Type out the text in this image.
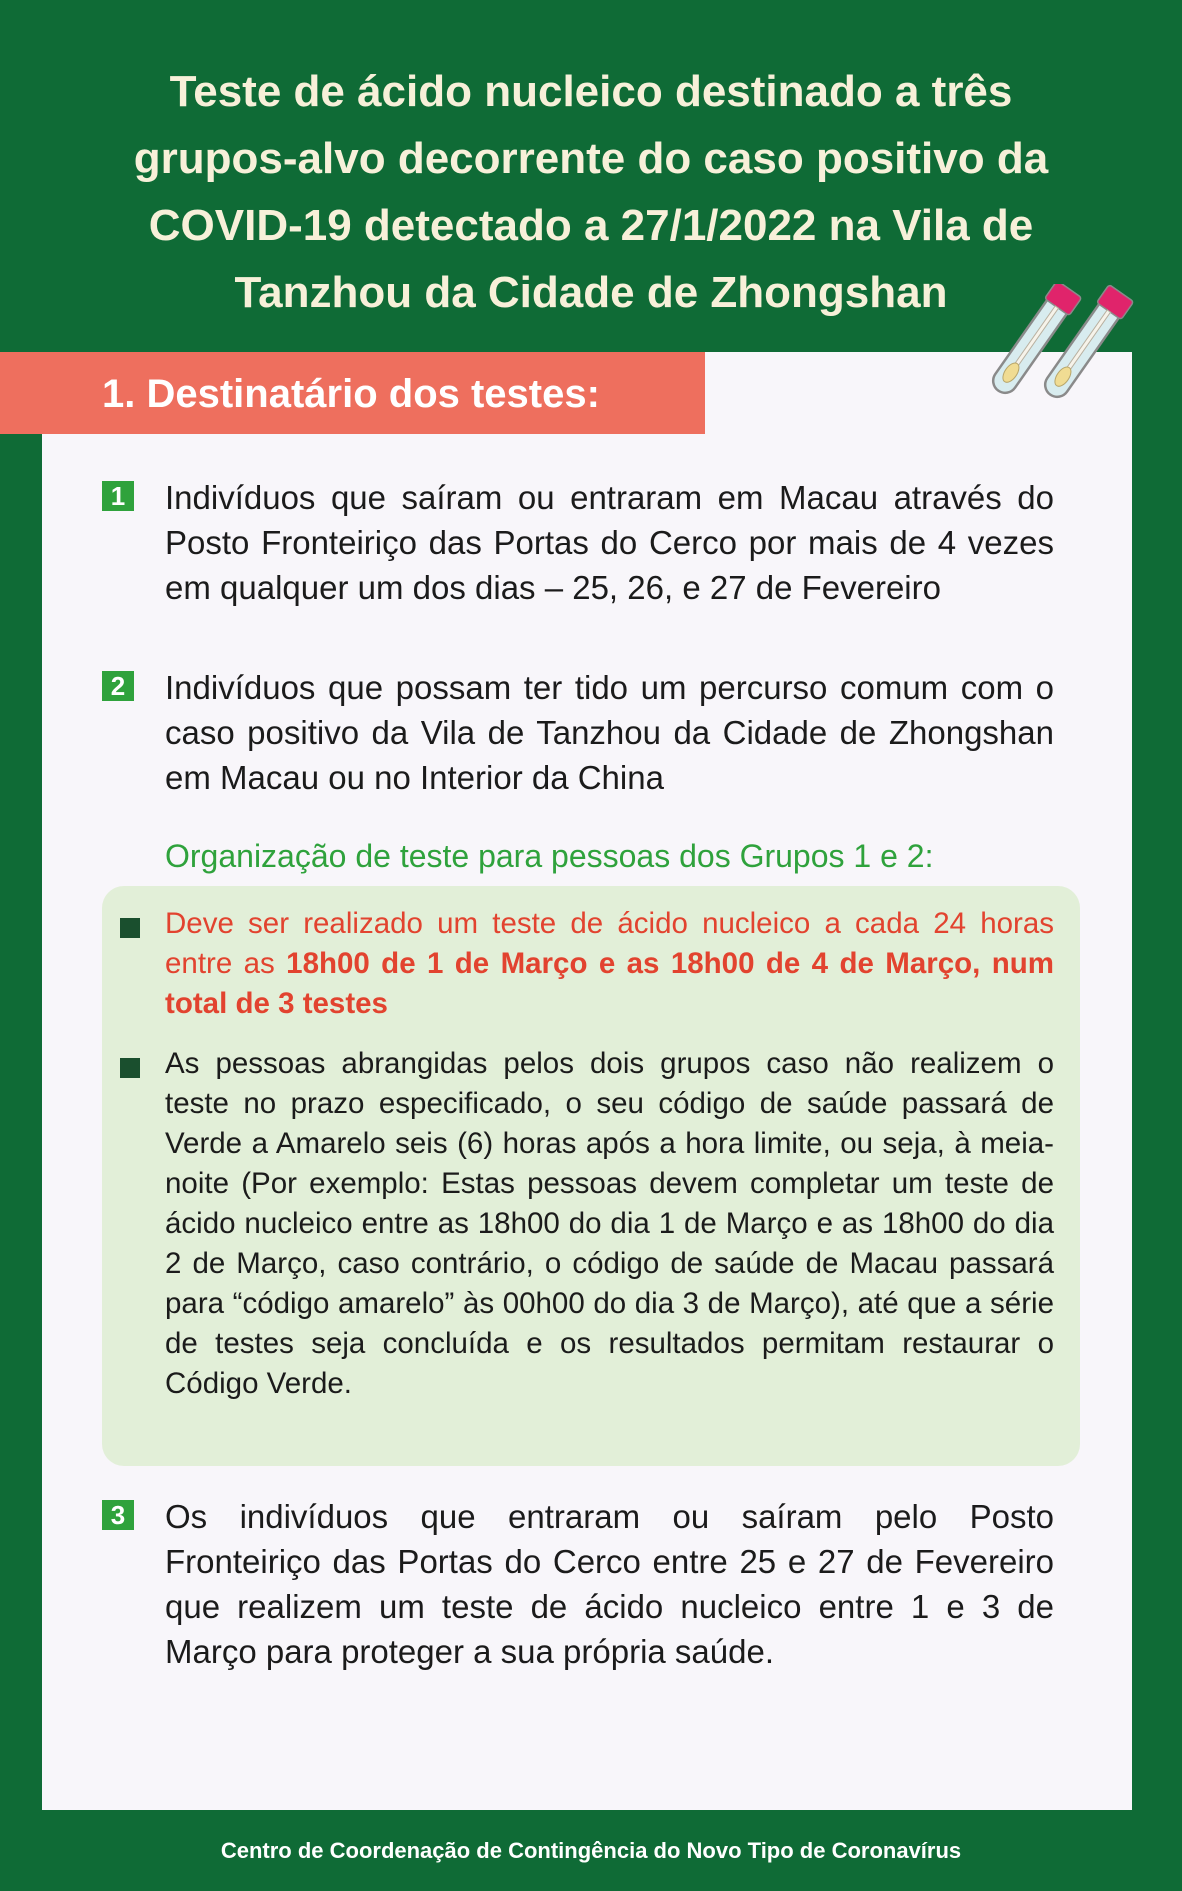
Teste de ácido nucleico destinado a três
grupos-alvo decorrente do caso positivo da
COVID-19 detectado a 27/1/2022 na Vila de
Tanzhou da Cidade de Zhongshan
1. Destinatário dos testes:
1 Indivíduos que saíram ou entraram em Macau através do Posto Fronteiriço das Portas do Cerco por mais de 4 vezes em qualquer um dos dias – 25, 26, e 27 de Fevereiro

2 Indivíduos que possam ter tido um percurso comum com o caso positivo da Vila de Tanzhou da Cidade de Zhongshan em Macau ou no Interior da China

Organização de teste para pessoas dos Grupos 1 e 2:

Deve ser realizado um teste de ácido nucleico a cada 24 horas entre as 18h00 de 1 de Março e as 18h00 de 4 de Março, num total de 3 testes

As pessoas abrangidas pelos dois grupos caso não realizem o teste no prazo especificado, o seu código de saúde passará de Verde a Amarelo seis (6) horas após a hora limite, ou seja, à meia-noite (Por exemplo: Estas pessoas devem completar um teste de ácido nucleico entre as 18h00 do dia 1 de Março e as 18h00 do dia 2 de Março, caso contrário, o código de saúde de Macau passará para “código amarelo” às 00h00 do dia 3 de Março), até que a série de testes seja concluída e os resultados permitam restaurar o Código Verde.

3 Os indivíduos que entraram ou saíram pelo Posto Fronteiriço das Portas do Cerco entre 25 e 27 de Fevereiro que realizem um teste de ácido nucleico entre 1 e 3 de Março para proteger a sua própria saúde.

Centro de Coordenação de Contingência do Novo Tipo de Coronavírus
